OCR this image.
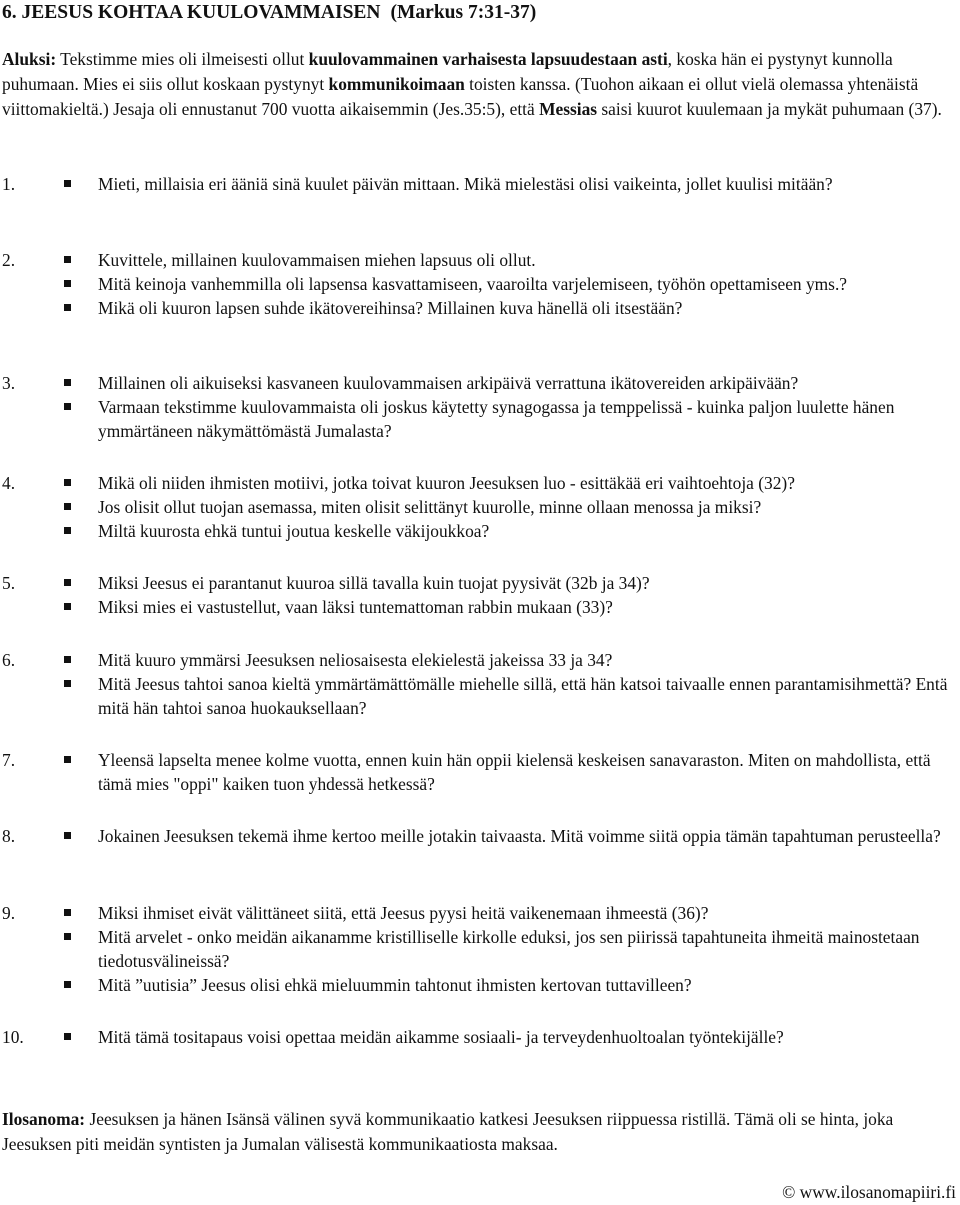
6. JEESUS KOHTAA KUULOVAMMAISEN (Markus 7:31-37)
Aluksi: Tekstimme mies oli ilmeisesti ollut kuulovammainen varhaisesta lapsuudestaan asti, koska hän ei pystynyt kunnolla puhumaan. Mies ei siis ollut koskaan pystynyt kommunikoimaan toisten kanssa. (Tuohon aikaan ei ollut vielä olemassa yhtenäistä viittomakieltä.) Jesaja oli ennustanut 700 vuotta aikaisemmin (Jes.35:5), että Messias saisi kuurot kuulemaan ja mykät puhumaan (37).
1.	Mieti, millaisia eri ääniä sinä kuulet päivän mittaan. Mikä mielestäsi olisi vaikeinta, jollet kuulisi mitään?
2.	Kuvittele, millainen kuulovammaisen miehen lapsuus oli ollut.
Mitä keinoja vanhemmilla oli lapsensa kasvattamiseen, vaaroilta varjelemiseen, työhön opettamiseen yms.?
Mikä oli kuuron lapsen suhde ikätovereihinsa? Millainen kuva hänellä oli itsestään?
3.	Millainen oli aikuiseksi kasvaneen kuulovammaisen arkipäivä verrattuna ikätovereiden arkipäivään?
Varmaan tekstimme kuulovammaista oli joskus käytetty synagogassa ja temppelissä - kuinka paljon luulette hänen ymmärtäneen näkymättömästä Jumalasta?
4.	Mikä oli niiden ihmisten motiivi, jotka toivat kuuron Jeesuksen luo - esittäkää eri vaihtoehtoja (32)?
Jos olisit ollut tuojan asemassa, miten olisit selittänyt kuurolle, minne ollaan menossa ja miksi?
Miltä kuurosta ehkä tuntui joutua keskelle väkijoukkoa?
5.	Miksi Jeesus ei parantanut kuuroa sillä tavalla kuin tuojat pyysivät (32b ja 34)?
Miksi mies ei vastustellut, vaan läksi tuntemattoman rabbin mukaan (33)?
6.	Mitä kuuro ymmärsi Jeesuksen neliosaisesta elekielestä jakeissa 33 ja 34?
Mitä Jeesus tahtoi sanoa kieltä ymmärtämättömälle miehelle sillä, että hän katsoi taivaalle ennen parantamisihmettä? Entä mitä hän tahtoi sanoa huokauksellaan?
7.	Yleensä lapselta menee kolme vuotta, ennen kuin hän oppii kielensä keskeisen sanavaraston. Miten on mahdollista, että tämä mies "oppi" kaiken tuon yhdessä hetkessä?
8.	Jokainen Jeesuksen tekemä ihme kertoo meille jotakin taivaasta. Mitä voimme siitä oppia tämän tapahtuman perusteella?
9.	Miksi ihmiset eivät välittäneet siitä, että Jeesus pyysi heitä vaikenemaan ihmeestä (36)?
Mitä arvelet - onko meidän aikanamme kristilliselle kirkolle eduksi, jos sen piirissä tapahtuneita ihmeitä mainostetaan tiedotusvälineissä?
Mitä ”uutisia” Jeesus olisi ehkä mieluummin tahtonut ihmisten kertovan tuttavilleen?
10.	Mitä tämä tositapaus voisi opettaa meidän aikamme sosiaali- ja terveydenhuoltoalan työntekijälle?
Ilosanoma: Jeesuksen ja hänen Isänsä välinen syvä kommunikaatio katkesi Jeesuksen riippuessa ristillä. Tämä oli se hinta, joka Jeesuksen piti meidän syntisten ja Jumalan välisestä kommunikaatiosta maksaa.
© www.ilosanomapiiri.fi
